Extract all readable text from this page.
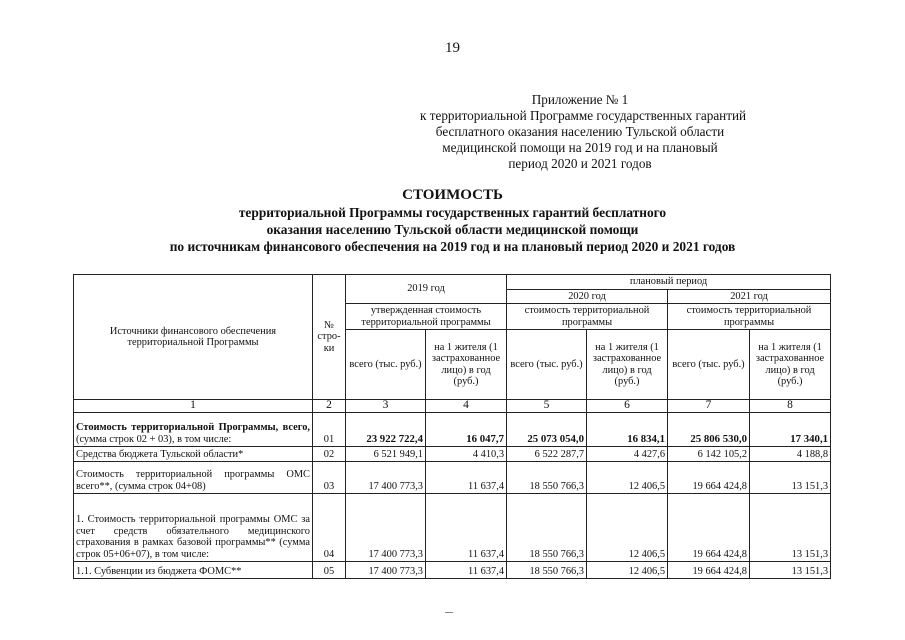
19
Приложение № 1
к территориальной Программе государственных гарантий
бесплатного оказания населению Тульской области
медицинской помощи на 2019 год и на плановый
период 2020 и 2021 годов
СТОИМОСТЬ
территориальной Программы государственных гарантий бесплатного
оказания населению Тульской области медицинской помощи
по источникам финансового обеспечения на 2019 год и на плановый период 2020 и 2021 годов
Источники финансового обеспечения территориальной Программы	№ стро-ки	2019 год		плановый период			
				2020 год		2021 год	
		утвержденная стоимость территориальной программы		стоимость территориальной программы		стоимость территориальной программы	
		всего (тыс. руб.)	на 1 жителя (1 застрахованное лицо) в год (руб.)	всего (тыс. руб.)	на 1 жителя (1 застрахованное лицо) в год (руб.)	всего (тыс. руб.)	на 1 жителя (1 застрахованное лицо) в год (руб.)
1	2	3	4	5	6	7	8
Стоимость территориальной Программы, всего, (сумма строк 02 + 03), в том числе:	01	23 922 722,4	16 047,7	25 073 054,0	16 834,1	25 806 530,0	17 340,1
Средства бюджета Тульской области*	02	6 521 949,1	4 410,3	6 522 287,7	4 427,6	6 142 105,2	4 188,8
Стоимость территориальной программы ОМС всего**, (сумма строк 04+08)	03	17 400 773,3	11 637,4	18 550 766,3	12 406,5	19 664 424,8	13 151,3
1. Стоимость территориальной программы ОМС за счет средств обязательного медицинского страхования в рамках базовой программы** (сумма строк 05+06+07), в том числе:	04	17 400 773,3	11 637,4	18 550 766,3	12 406,5	19 664 424,8	13 151,3
1.1. Субвенции из бюджета ФОМС**	05	17 400 773,3	11 637,4	18 550 766,3	12 406,5	19 664 424,8	13 151,3
